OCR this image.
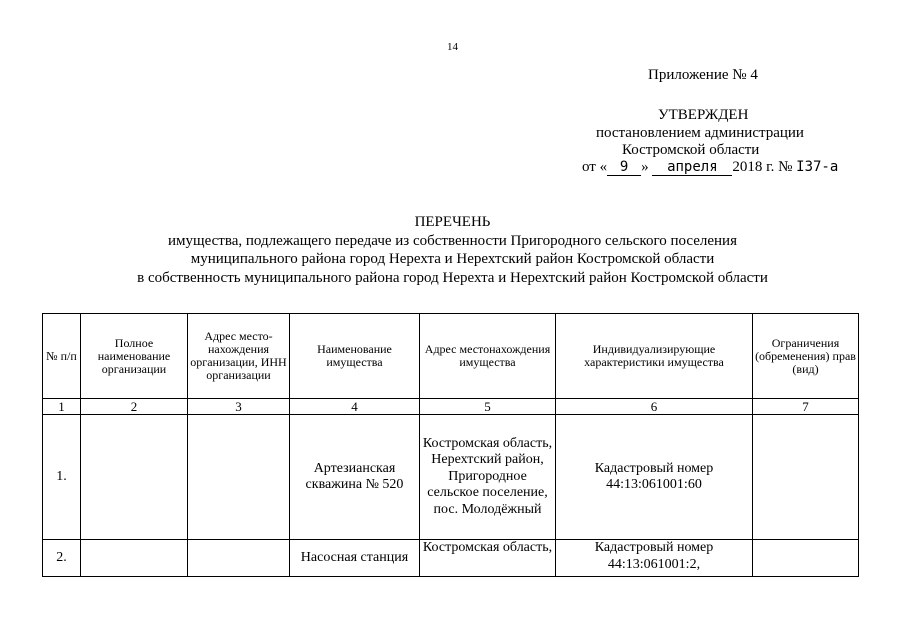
14
Приложение № 4
УТВЕРЖДЕН
постановлением администрации
Костромской области
от « 9 » апреля 2018 г. № I37-а
ПЕРЕЧЕНЬ
имущества, подлежащего передаче из собственности Пригородного сельского поселения
муниципального района город Нерехта и Нерехтский район Костромской области
в собственность муниципального района город Нерехта и Нерехтский район Костромской области
№ п/п	Полное наименование организации	Адрес место-нахождения организации, ИНН организации	Наименование имущества	Адрес местонахождения имущества	Индивидуализирующие характеристики имущества	Ограничения (обременения) прав (вид)
1	2	3	4	5	6	7
1.			Артезианская скважина № 520	Костромская область, Нерехтский район, Пригородное сельское поселение, пос. Молодёжный	Кадастровый номер 44:13:061001:60	
2.			Насосная станция	Костромская область,	Кадастровый номер 44:13:061001:2,	
